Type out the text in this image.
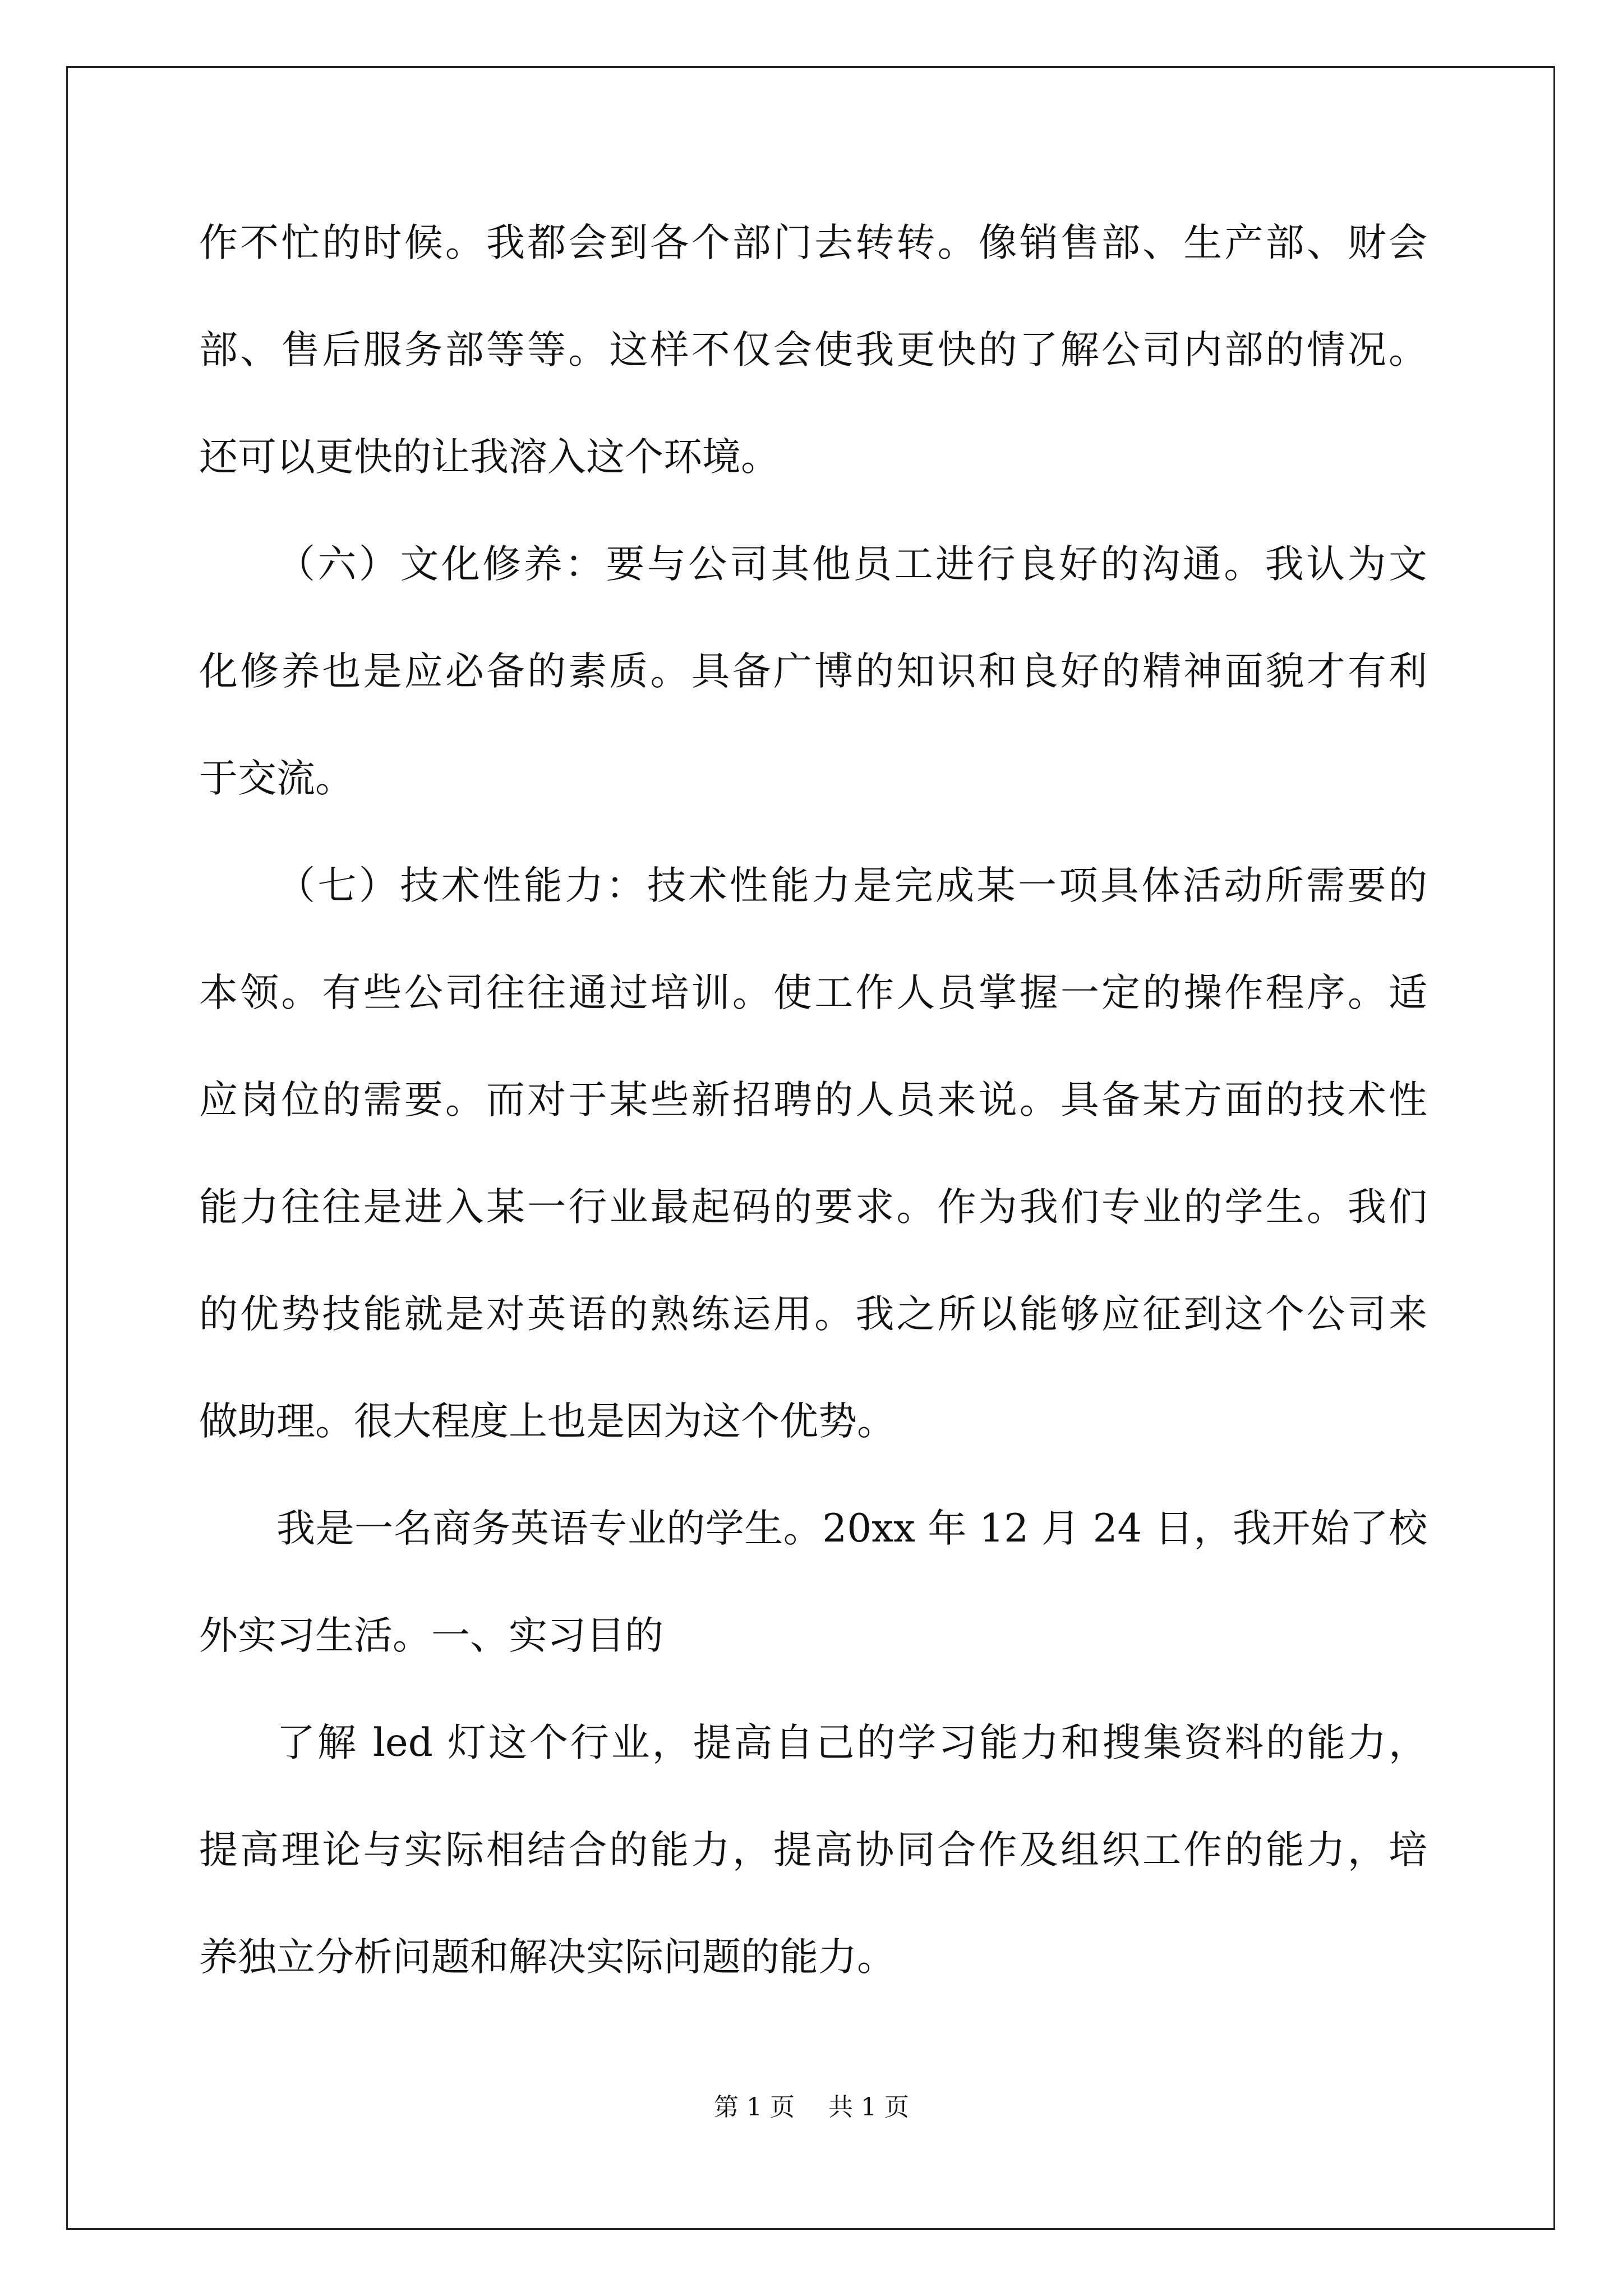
作不忙的时候。我都会到各个部门去转转。像销售部、生产部、财会
部、售后服务部等等。这样不仅会使我更快的了解公司内部的情况。
还可以更快的让我溶入这个环境。
（六）文化修养：要与公司其他员工进行良好的沟通。我认为文
化修养也是应必备的素质。具备广博的知识和良好的精神面貌才有利
于交流。
（七）技术性能力：技术性能力是完成某一项具体活动所需要的
本领。有些公司往往通过培训。使工作人员掌握一定的操作程序。适
应岗位的需要。而对于某些新招聘的人员来说。具备某方面的技术性
能力往往是进入某一行业最起码的要求。作为我们专业的学生。我们
的优势技能就是对英语的熟练运用。我之所以能够应征到这个公司来
做助理。很大程度上也是因为这个优势。
我是一名商务英语专业的学生。20xx 年 12 月 24 日，我开始了校
外实习生活。一、实习目的
了解 led 灯这个行业，提高自己的学习能力和搜集资料的能力，
提高理论与实际相结合的能力，提高协同合作及组织工作的能力，培
养独立分析问题和解决实际问题的能力。
第 1 页 共 1 页
